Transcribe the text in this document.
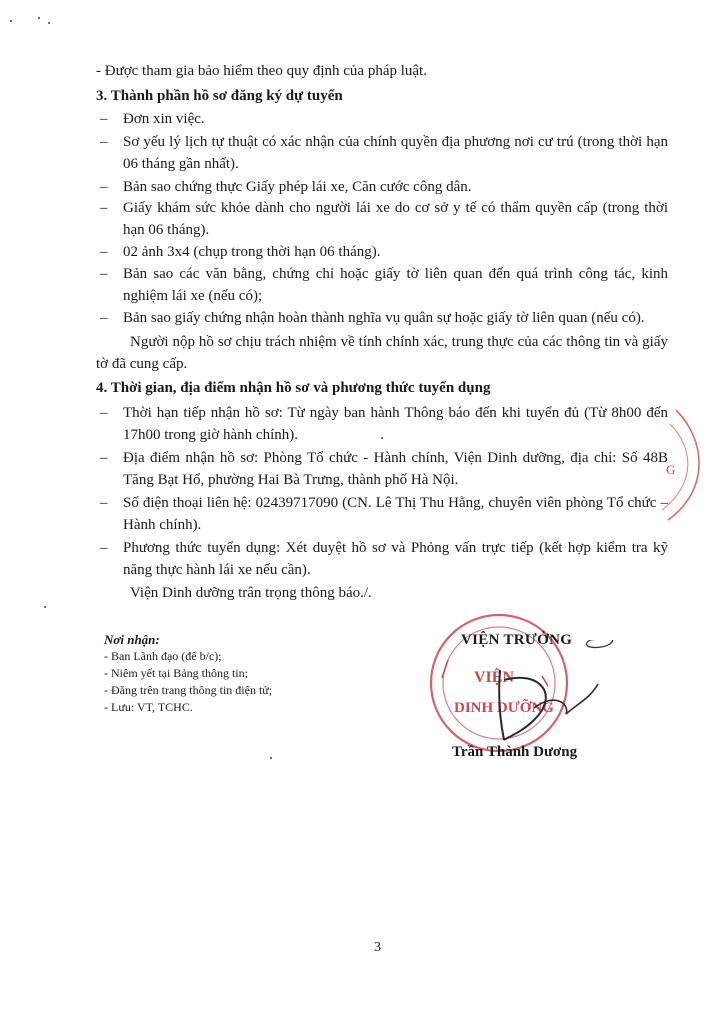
- Được tham gia bảo hiểm theo quy định của pháp luật.
3. Thành phần hồ sơ đăng ký dự tuyển
– Đơn xin việc.
– Sơ yếu lý lịch tự thuật có xác nhận của chính quyền địa phương nơi cư trú (trong thời hạn 06 tháng gần nhất).
– Bản sao chứng thực Giấy phép lái xe, Căn cước công dân.
– Giấy khám sức khỏe dành cho người lái xe do cơ sở y tế có thẩm quyền cấp (trong thời hạn 06 tháng).
– 02 ảnh 3x4 (chụp trong thời hạn 06 tháng).
– Bản sao các văn bằng, chứng chỉ hoặc giấy tờ liên quan đến quá trình công tác, kinh nghiệm lái xe (nếu có);
– Bản sao giấy chứng nhận hoàn thành nghĩa vụ quân sự hoặc giấy tờ liên quan (nếu có).
Người nộp hồ sơ chịu trách nhiệm về tính chính xác, trung thực của các thông tin và giấy tờ đã cung cấp.
4. Thời gian, địa điểm nhận hồ sơ và phương thức tuyển dụng
– Thời hạn tiếp nhận hồ sơ: Từ ngày ban hành Thông báo đến khi tuyển đủ (Từ 8h00 đến 17h00 trong giờ hành chính).
– Địa điểm nhận hồ sơ: Phòng Tổ chức - Hành chính, Viện Dinh dưỡng, địa chỉ: Số 48B Tăng Bạt Hổ, phường Hai Bà Trưng, thành phố Hà Nội.
– Số điện thoại liên hệ: 02439717090 (CN. Lê Thị Thu Hằng, chuyên viên phòng Tổ chức – Hành chính).
– Phương thức tuyển dụng: Xét duyệt hồ sơ và Phỏng vấn trực tiếp (kết hợp kiểm tra kỹ năng thực hành lái xe nếu cần).
Viện Dinh dưỡng trân trọng thông báo./.
Nơi nhận:
- Ban Lãnh đạo (để b/c);
- Niêm yết tại Bảng thông tin;
- Đăng trên trang thông tin điện tử;
- Lưu: VT, TCHC.
VIỆN
DINH DƯỠNG
VIỆN TRƯỞNG
Trần Thành Dương
G
3
